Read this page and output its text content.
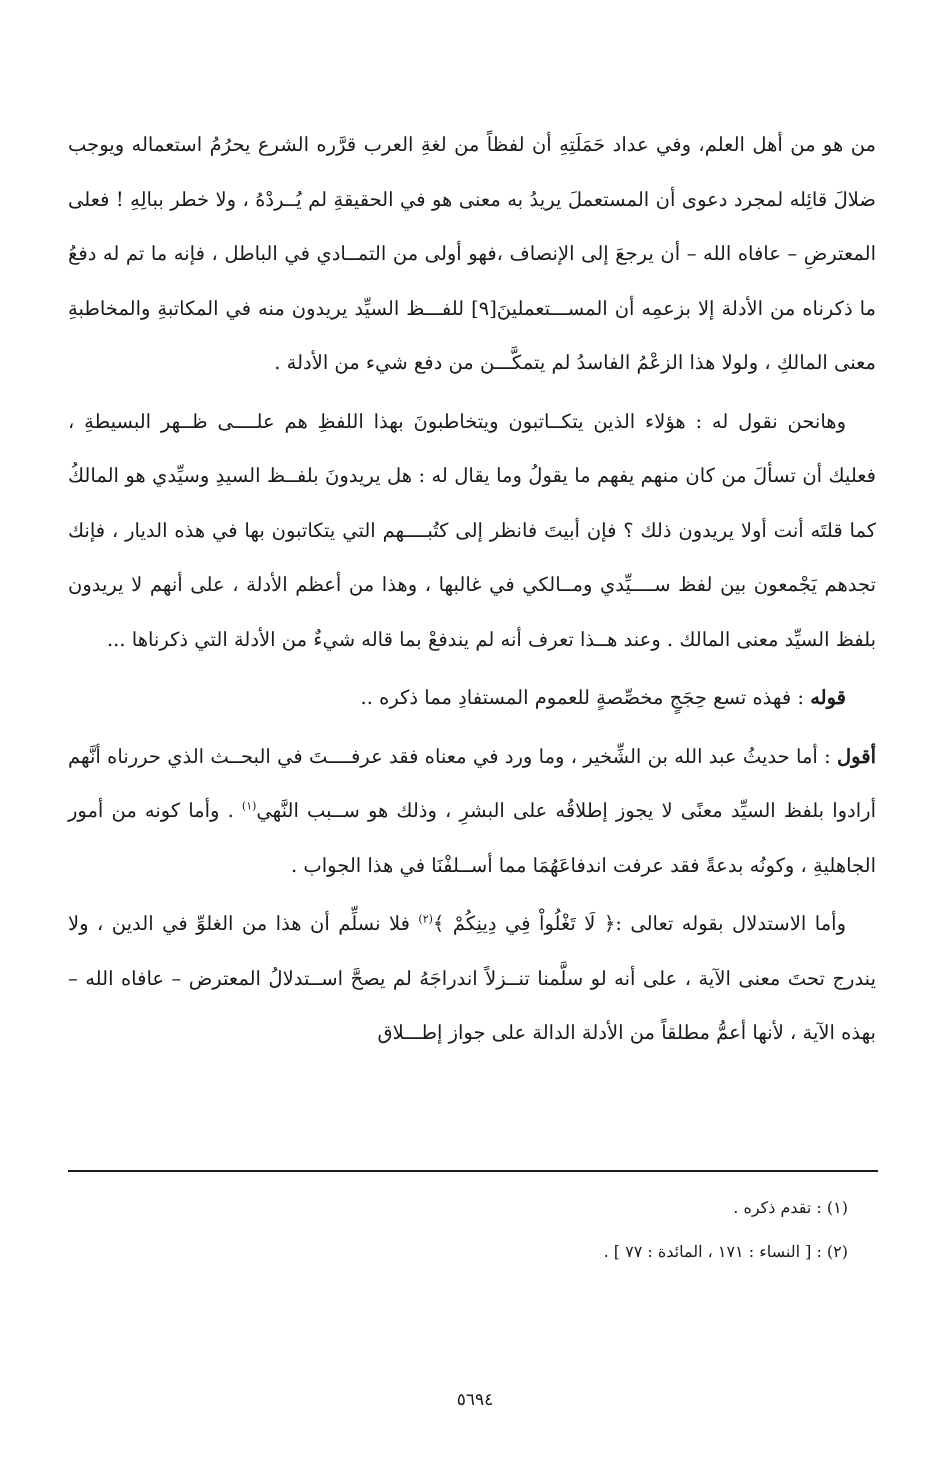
من هو من أهل العلم، وفي عداد حَمَلَتِهِ أن لفظاً من لغةِ العرب قرَّره الشرع يحرُمُ استعماله ويوجب ضلالَ قائِله لمجرد دعوى أن المستعملَ يريدُ به معنى هو في الحقيقةِ لم يُــردْهُ ، ولا خطر ببالِهِ ! فعلى المعترضِ – عافاه الله – أن يرجعَ إلى الإنصاف ،فهو أولى من التمــادي في الباطل ، فإنه ما تم له دفعُ ما ذكرناه من الأدلة إلا بزعمِه أن المســـتعملينَ[٩] للفـــظ السيِّد يريدون منه في المكاتبةِ والمخاطبةِ معنى المالكِ ، ولولا هذا الزعْمُ الفاسدُ لم يتمكَّـــن من دفع شيء من الأدلة .

وهانحن نقول له : هؤلاء الذين يتكــاتبون ويتخاطبونَ بهذا اللفظِ هم علــــى ظــهر البسيطةِ ، فعليك أن تسألَ من كان منهم يفهم ما يقولُ وما يقال له : هل يريدونَ بلفــظ السيدِ وسيِّدي هو المالكُ كما قلتَه أنت أولا يريدون ذلك ؟ فإن أبيتَ فانظر إلى كتُبــــهم التي يتكاتبون بها في هذه الديار ، فإنك تجدهم يَجْمعون بين لفظ ســــيِّدي ومــالكي في غالبها ، وهذا من أعظم الأدلة ، على أنهم لا يريدون بلفظ السيِّد معنى المالك . وعند هــذا تعرف أنه لم يندفعْ بما قاله شيءٌ من الأدلة التي ذكرناها ...

قوله : فهذه تسع حِجَجٍ مخصِّصةٍ للعموم المستفادِ مما ذكره ..

أقول : أما حديثُ عبد الله بن الشِّخير ، وما ورد في معناه فقد عرفــــتَ في البحــث الذي حررناه أنَّهم أرادوا بلفظ السيِّد معنًى لا يجوز إطلاقُه على البشرِ ، وذلك هو ســبب النَّهي$^{(١)}$ . وأما كونه من أمور الجاهليةِ ، وكونُه بدعةً فقد عرفت اندفاعَهُمَا مما أســلفْنَا في هذا الجواب .

وأما الاستدلال بقوله تعالى :﴿ لَا تَغْلُواْ فِي دِينِكُمْ ﴾$^{(٢)}$ فلا نسلِّم أن هذا من الغلوِّ في الدين ، ولا يندرج تحتَ معنى الآية ، على أنه لو سلَّمنا تنــزلاً اندراجَهُ لم يصحَّ اســتدلالُ المعترض – عافاه الله – بهذه الآية ، لأنها أعمُّ مطلقاً من الأدلة الدالة على جواز إطـــلاق

(١) : تقدم ذكره .

(٢) : [ النساء : ١٧١ ، المائدة : ٧٧ ] .

٥٦٩٤
